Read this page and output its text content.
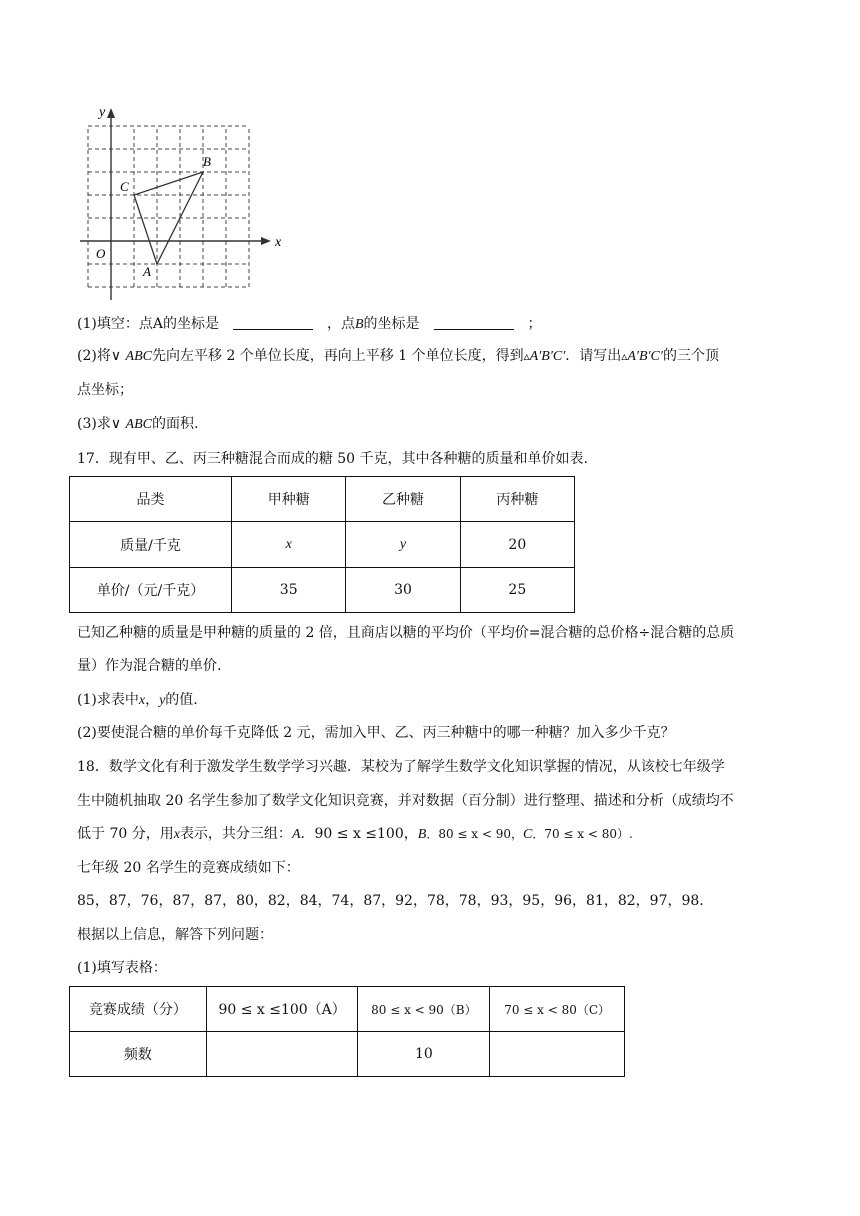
x
y
O
A
B
C
(1)填空：点A的坐标是	，点B的坐标是	；
(2)将∨ ABC先向左平移 2 个单位长度，再向上平移 1 个单位长度，得到▵A′B′C′．请写出▵A′B′C′的三个顶
点坐标；
(3)求∨ ABC的面积.
17．现有甲、乙、丙三种糖混合而成的糖 50 千克，其中各种糖的质量和单价如表.
品类	甲种糖	乙种糖	丙种糖
质量/千克	x	y	20
单价/（元/千克）	35	30	25
已知乙种糖的质量是甲种糖的质量的 2 倍，且商店以糖的平均价（平均价=混合糖的总价格÷混合糖的总质
量）作为混合糖的单价.
(1)求表中x，y的值.
(2)要使混合糖的单价每千克降低 2 元，需加入甲、乙、丙三种糖中的哪一种糖？加入多少千克？
18．数学文化有利于激发学生数学学习兴趣．某校为了解学生数学文化知识掌握的情况，从该校七年级学
生中随机抽取 20 名学生参加了数学文化知识竞赛，并对数据（百分制）进行整理、描述和分析（成绩均不
低于 70 分，用x表示，共分三组：A．90 ≤ x ≤100，B．80 ≤ x < 90，C．70 ≤ x < 80）.
七年级 20 名学生的竞赛成绩如下：
85，87，76，87，87，80，82，84，74，87，92，78，78，93，95，96，81，82，97，98.
根据以上信息，解答下列问题：
(1)填写表格：
竞赛成绩（分）	90 ≤ x ≤100（A）	80 ≤ x < 90（B）	70 ≤ x < 80（C）
频数		10	
